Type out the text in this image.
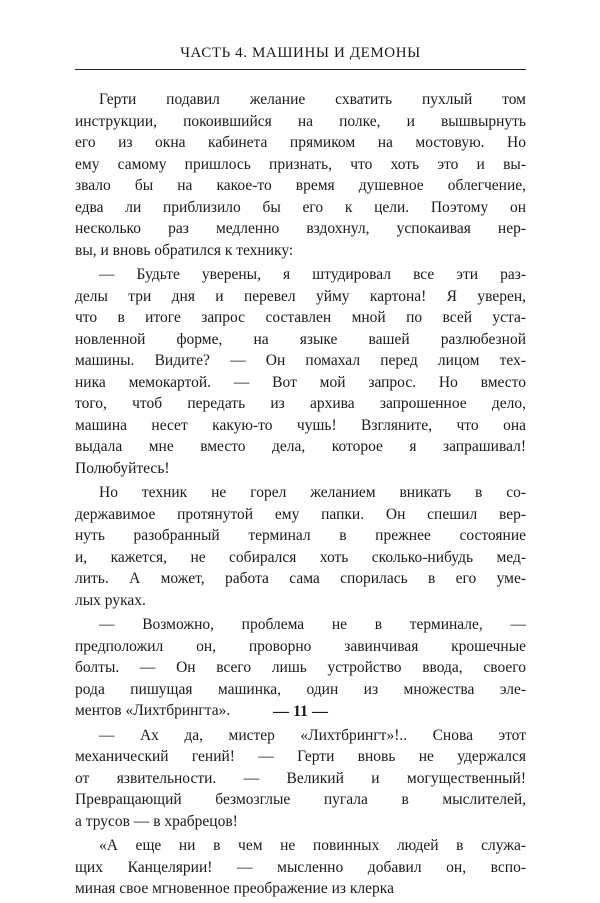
ЧАСТЬ 4. МАШИНЫ И ДЕМОНЫ
Герти подавил желание схватить пухлый том
инструкции, покоившийся на полке, и вышвырнуть
его из окна кабинета прямиком на мостовую. Но
ему самому пришлось признать, что хоть это и вы-
звало бы на какое-то время душевное облегчение,
едва ли приблизило бы его к цели. Поэтому он
несколько раз медленно вздохнул, успокаивая нер-
вы, и вновь обратился к технику:
— Будьте уверены, я штудировал все эти раз-
делы три дня и перевел уйму картона! Я уверен,
что в итоге запрос составлен мной по всей уста-
новленной форме, на языке вашей разлюбезной
машины. Видите? — Он помахал перед лицом тех-
ника мемокартой. — Вот мой запрос. Но вместо
того, чтоб передать из архива запрошенное дело,
машина несет какую-то чушь! Взгляните, что она
выдала мне вместо дела, которое я запрашивал!
Полюбуйтесь!
Но техник не горел желанием вникать в со-
державимое протянутой ему папки. Он спешил вер-
нуть разобранный терминал в прежнее состояние
и, кажется, не собирался хоть сколько-нибудь мед-
лить. А может, работа сама спорилась в его уме-
лых руках.
— Возможно, проблема не в терминале, —
предположил он, проворно завинчивая крошечные
болты. — Он всего лишь устройство ввода, своего
рода пишущая машинка, один из множества эле-
ментов «Лихтбрингта».
— Ах да, мистер «Лихтбрингт»!.. Снова этот
механический гений! — Герти вновь не удержался
от язвительности. — Великий и могущественный!
Превращающий безмозглые пугала в мыслителей,
а трусов — в храбрецов!
«А еще ни в чем не повинных людей в служа-
щих Канцелярии! — мысленно добавил он, вспо-
миная свое мгновенное преображение из клерка
— 11 —
